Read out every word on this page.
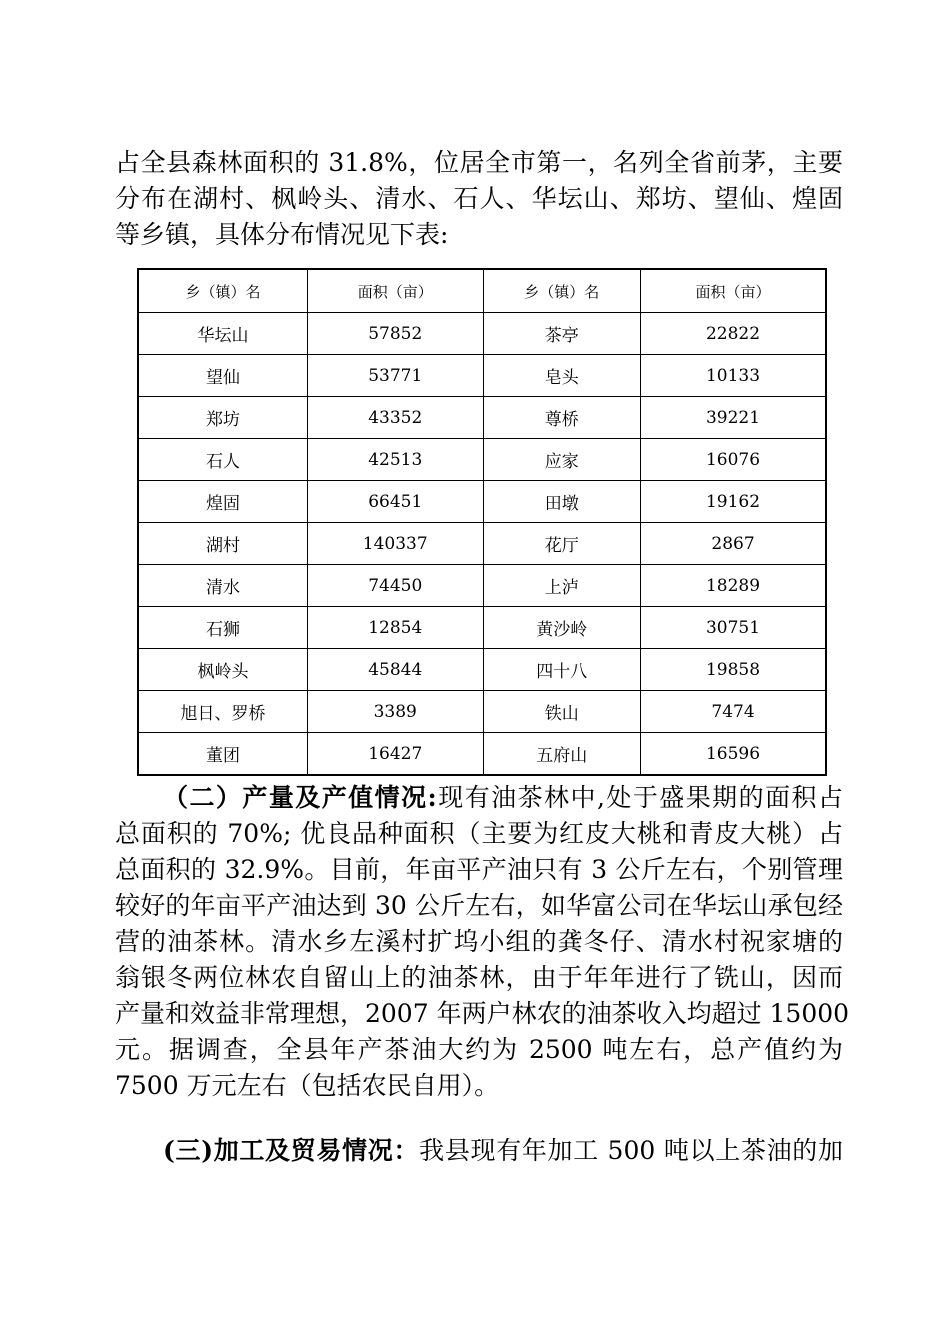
占全县森林面积的 31.8%，位居全市第一，名列全省前茅，主要
分布在湖村、枫岭头、清水、石人、华坛山、郑坊、望仙、煌固
等乡镇，具体分布情况见下表:
乡（镇）名	面积（亩）	乡（镇）名	面积（亩）
华坛山	57852	茶亭	22822
望仙	53771	皂头	10133
郑坊	43352	尊桥	39221
石人	42513	应家	16076
煌固	66451	田墩	19162
湖村	140337	花厅	2867
清水	74450	上泸	18289
石狮	12854	黄沙岭	30751
枫岭头	45844	四十八	19858
旭日、罗桥	3389	铁山	7474
董团	16427	五府山	16596
（二）产量及产值情况:现有油茶林中,处于盛果期的面积占
总面积的 70%; 优良品种面积（主要为红皮大桃和青皮大桃）占
总面积的 32.9%。目前，年亩平产油只有 3 公斤左右，个别管理
较好的年亩平产油达到 30 公斤左右，如华富公司在华坛山承包经
营的油茶林。清水乡左溪村扩坞小组的龚冬仔、清水村祝家塘的
翁银冬两位林农自留山上的油茶林，由于年年进行了铣山，因而
产量和效益非常理想，2007 年两户林农的油茶收入均超过 15000
元。据调查，全县年产茶油大约为 2500 吨左右，总产值约为
7500 万元左右（包括农民自用）。
(三)加工及贸易情况：我县现有年加工 500 吨以上茶油的加
